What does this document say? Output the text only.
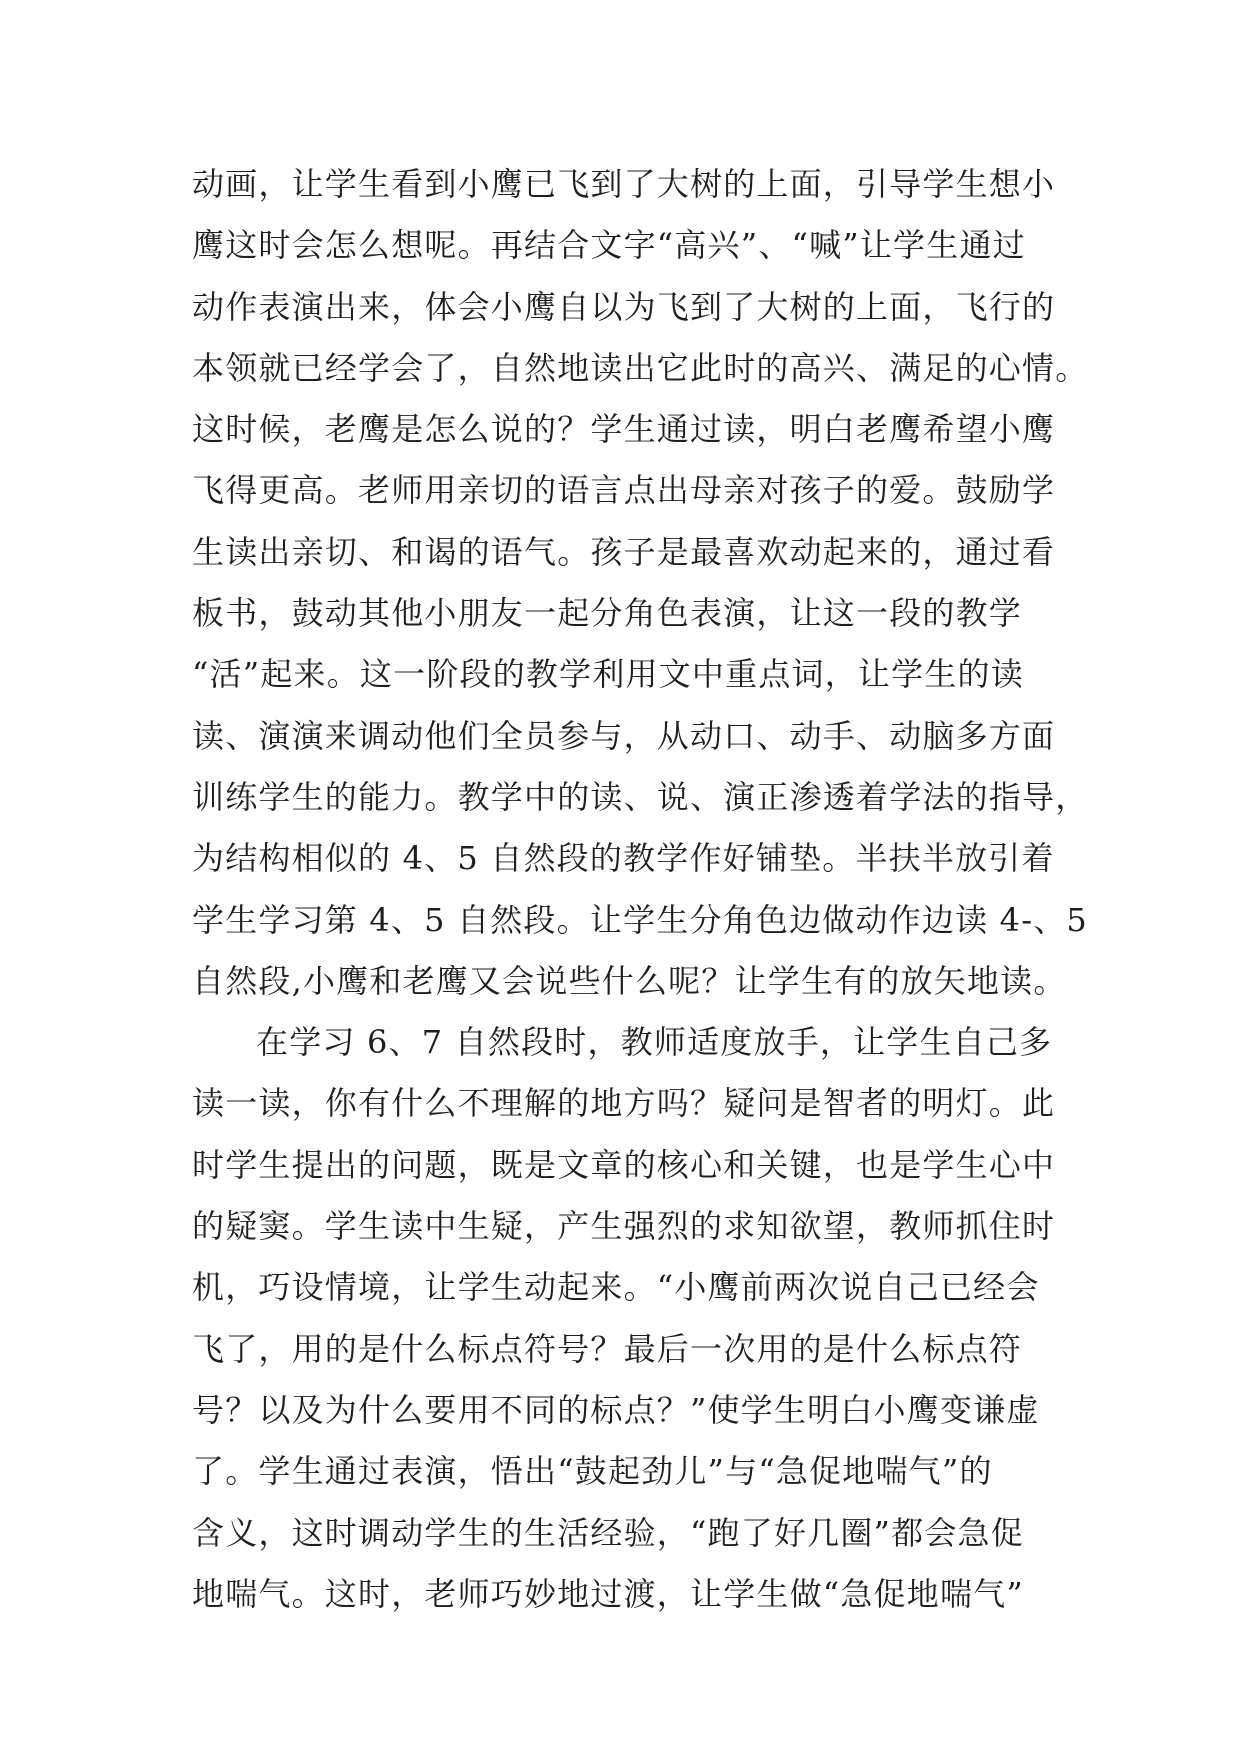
动画，让学生看到小鹰已飞到了大树的上面，引导学生想小
鹰这时会怎么想呢。再结合文字“高兴”、“喊”让学生通过
动作表演出来，体会小鹰自以为飞到了大树的上面，飞行的
本领就已经学会了，自然地读出它此时的高兴、满足的心情。
这时候，老鹰是怎么说的？学生通过读，明白老鹰希望小鹰
飞得更高。老师用亲切的语言点出母亲对孩子的爱。鼓励学
生读出亲切、和谒的语气。孩子是最喜欢动起来的，通过看
板书，鼓动其他小朋友一起分角色表演，让这一段的教学
“活”起来。这一阶段的教学利用文中重点词，让学生的读
读、演演来调动他们全员参与，从动口、动手、动脑多方面
训练学生的能力。教学中的读、说、演正渗透着学法的指导，
为结构相似的 4、5 自然段的教学作好铺垫。半扶半放引着
学生学习第 4、5 自然段。让学生分角色边做动作边读 4-、5
自然段,小鹰和老鹰又会说些什么呢？让学生有的放矢地读。
在学习 6、7 自然段时，教师适度放手，让学生自己多
读一读，你有什么不理解的地方吗？疑问是智者的明灯。此
时学生提出的问题，既是文章的核心和关键，也是学生心中
的疑窦。学生读中生疑，产生强烈的求知欲望，教师抓住时
机，巧设情境，让学生动起来。“小鹰前两次说自己已经会
飞了，用的是什么标点符号？最后一次用的是什么标点符
号？以及为什么要用不同的标点？”使学生明白小鹰变谦虚
了。学生通过表演，悟出“鼓起劲儿”与“急促地喘气”的
含义，这时调动学生的生活经验，“跑了好几圈”都会急促
地喘气。这时，老师巧妙地过渡，让学生做“急促地喘气”
